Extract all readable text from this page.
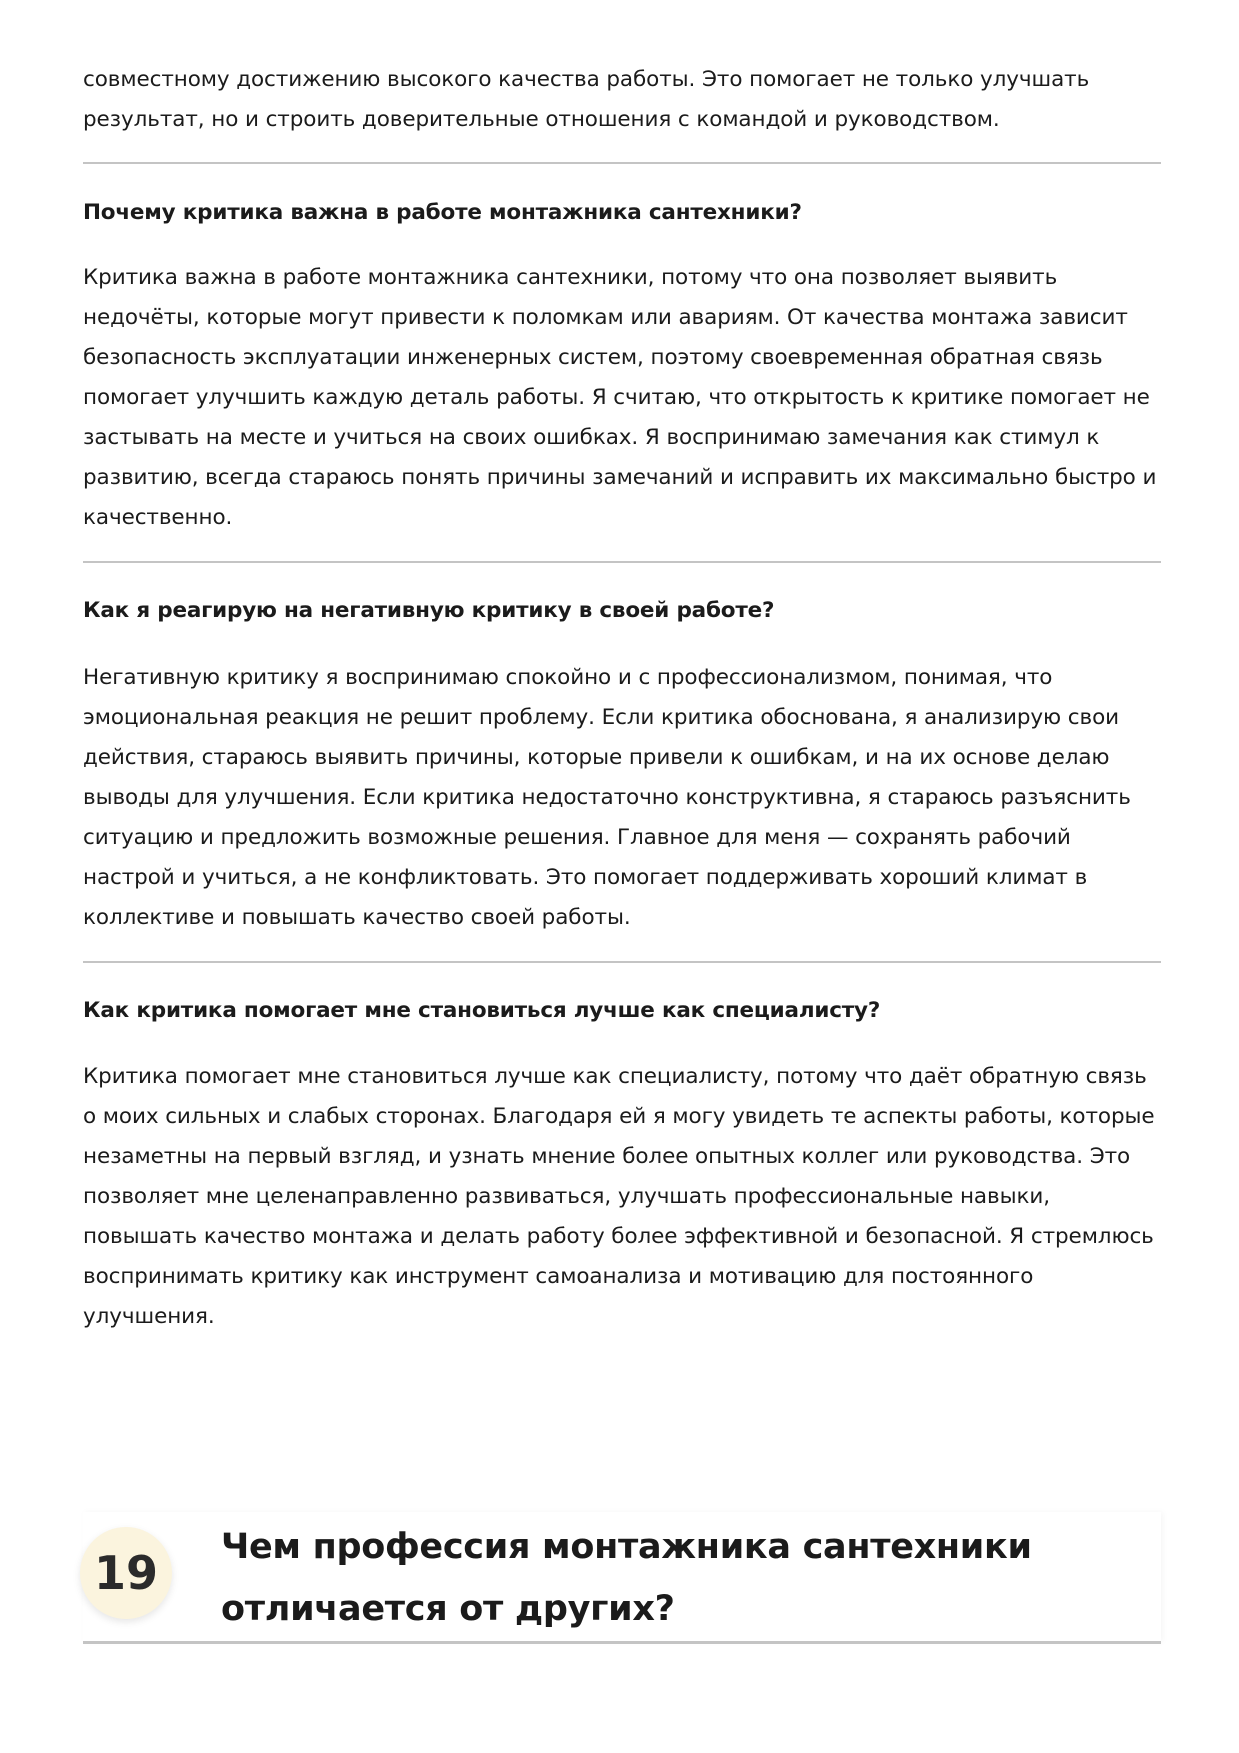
совместному достижению высокого качества работы. Это помогает не только улучшать результат, но и строить доверительные отношения с командой и руководством.

Почему критика важна в работе монтажника сантехники?

Критика важна в работе монтажника сантехники, потому что она позволяет выявить недочёты, которые могут привести к поломкам или авариям. От качества монтажа зависит безопасность эксплуатации инженерных систем, поэтому своевременная обратная связь помогает улучшить каждую деталь работы. Я считаю, что открытость к критике помогает не застывать на месте и учиться на своих ошибках. Я воспринимаю замечания как стимул к развитию, всегда стараюсь понять причины замечаний и исправить их максимально быстро и качественно.

Как я реагирую на негативную критику в своей работе?

Негативную критику я воспринимаю спокойно и с профессионализмом, понимая, что эмоциональная реакция не решит проблему. Если критика обоснована, я анализирую свои действия, стараюсь выявить причины, которые привели к ошибкам, и на их основе делаю выводы для улучшения. Если критика недостаточно конструктивна, я стараюсь разъяснить ситуацию и предложить возможные решения. Главное для меня — сохранять рабочий настрой и учиться, а не конфликтовать. Это помогает поддерживать хороший климат в коллективе и повышать качество своей работы.

Как критика помогает мне становиться лучше как специалисту?

Критика помогает мне становиться лучше как специалисту, потому что даёт обратную связь о моих сильных и слабых сторонах. Благодаря ей я могу увидеть те аспекты работы, которые незаметны на первый взгляд, и узнать мнение более опытных коллег или руководства. Это позволяет мне целенаправленно развиваться, улучшать профессиональные навыки, повышать качество монтажа и делать работу более эффективной и безопасной. Я стремлюсь воспринимать критику как инструмент самоанализа и мотивацию для постоянного улучшения.

19	Чем профессия монтажника сантехники отличается от других?
